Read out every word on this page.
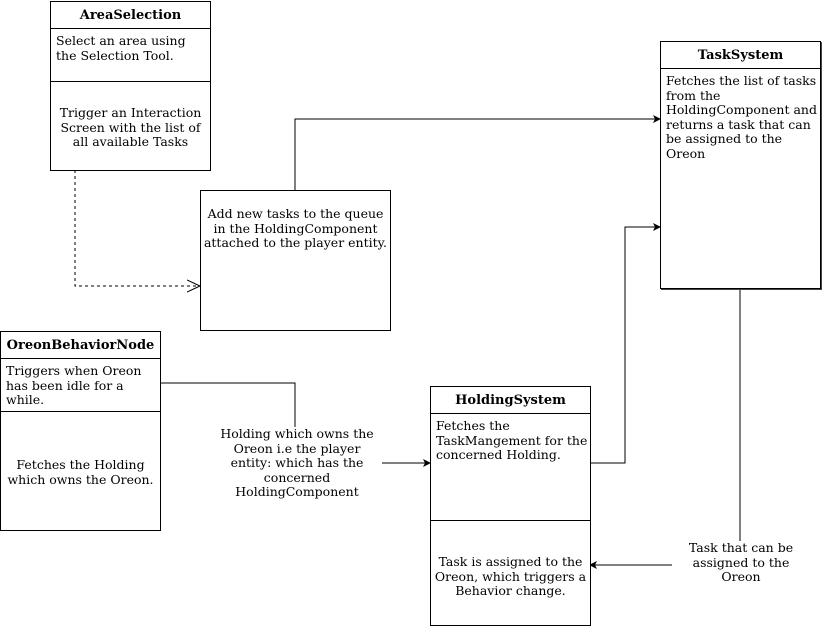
AreaSelection
Select an area using the Selection Tool.
Trigger an Interaction Screen with the list of all available Tasks
Add new tasks to the queue in the HoldingComponent attached to the player entity.
TaskSystem
Fetches the list of tasks from the HoldingComponent and returns a task that can be assigned to the Oreon
OreonBehaviorNode
Triggers when Oreon has been idle for a while.
Fetches the Holding which owns the Oreon.
HoldingSystem
Fetches the TaskMangement for the concerned Holding.
Task is assigned to the Oreon, which triggers a Behavior change.
Holding which owns the Oreon i.e the player entity: which has the concerned HoldingComponent
Task that can be assigned to the Oreon
